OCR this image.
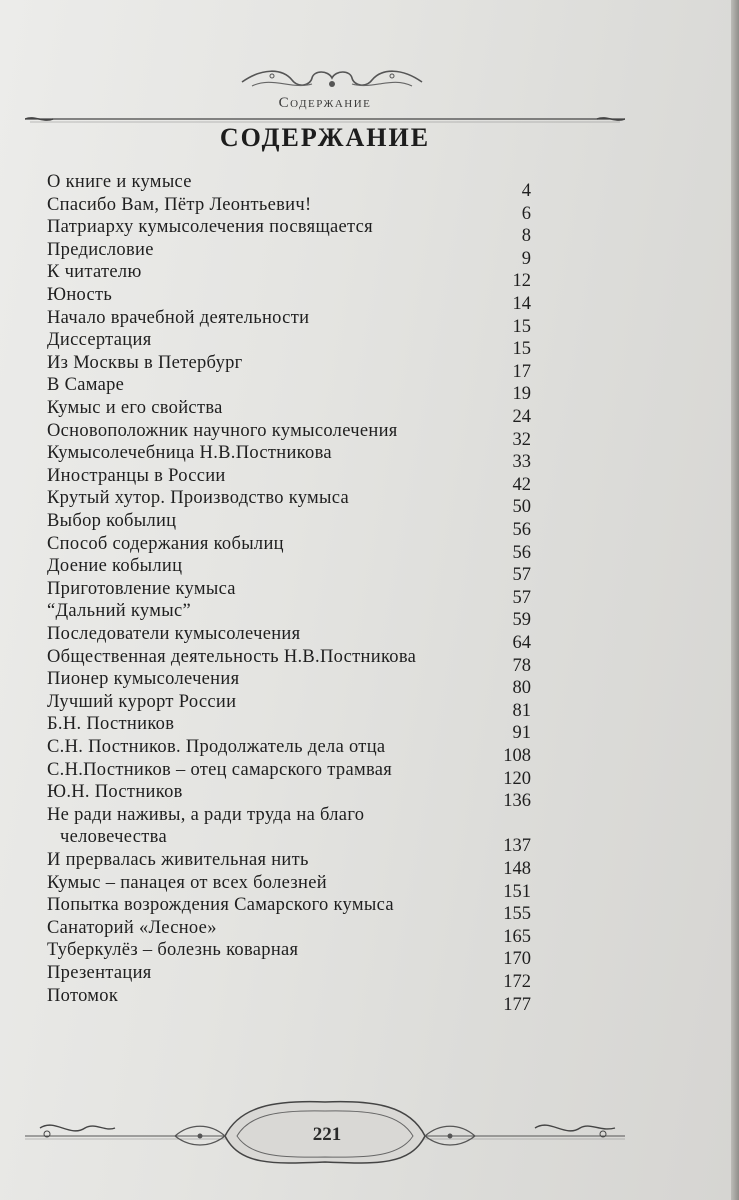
Содержание
СОДЕРЖАНИЕ
О книге и кумысе	4
Спасибо Вам, Пётр Леонтьевич!	6
Патриарху кумысолечения посвящается	8
Предисловие	9
К читателю	12
Юность	14
Начало врачебной деятельности	15
Диссертация	15
Из Москвы в Петербург	17
В Самаре	19
Кумыс и его свойства	24
Основоположник научного кумысолечения	32
Кумысолечебница Н.В.Постникова	33
Иностранцы в России	42
Крутый хутор. Производство кумыса	50
Выбор кобылиц	56
Способ содержания кобылиц	56
Доение кобылиц	57
Приготовление кумыса	57
“Дальний кумыс”	59
Последователи кумысолечения	64
Общественная деятельность Н.В.Постникова	78
Пионер кумысолечения	80
Лучший курорт России	81
Б.Н. Постников	91
С.Н. Постников. Продолжатель дела отца	108
С.Н.Постников – отец самарского трамвая	120
Ю.Н. Постников	136
Не ради наживы, а ради труда на благо
человечества	137
И прервалась живительная нить	148
Кумыс – панацея от всех болезней	151
Попытка возрождения Самарского кумыса	155
Санаторий «Лесное»	165
Туберкулёз – болезнь коварная	170
Презентация	172
Потомок	177
221
